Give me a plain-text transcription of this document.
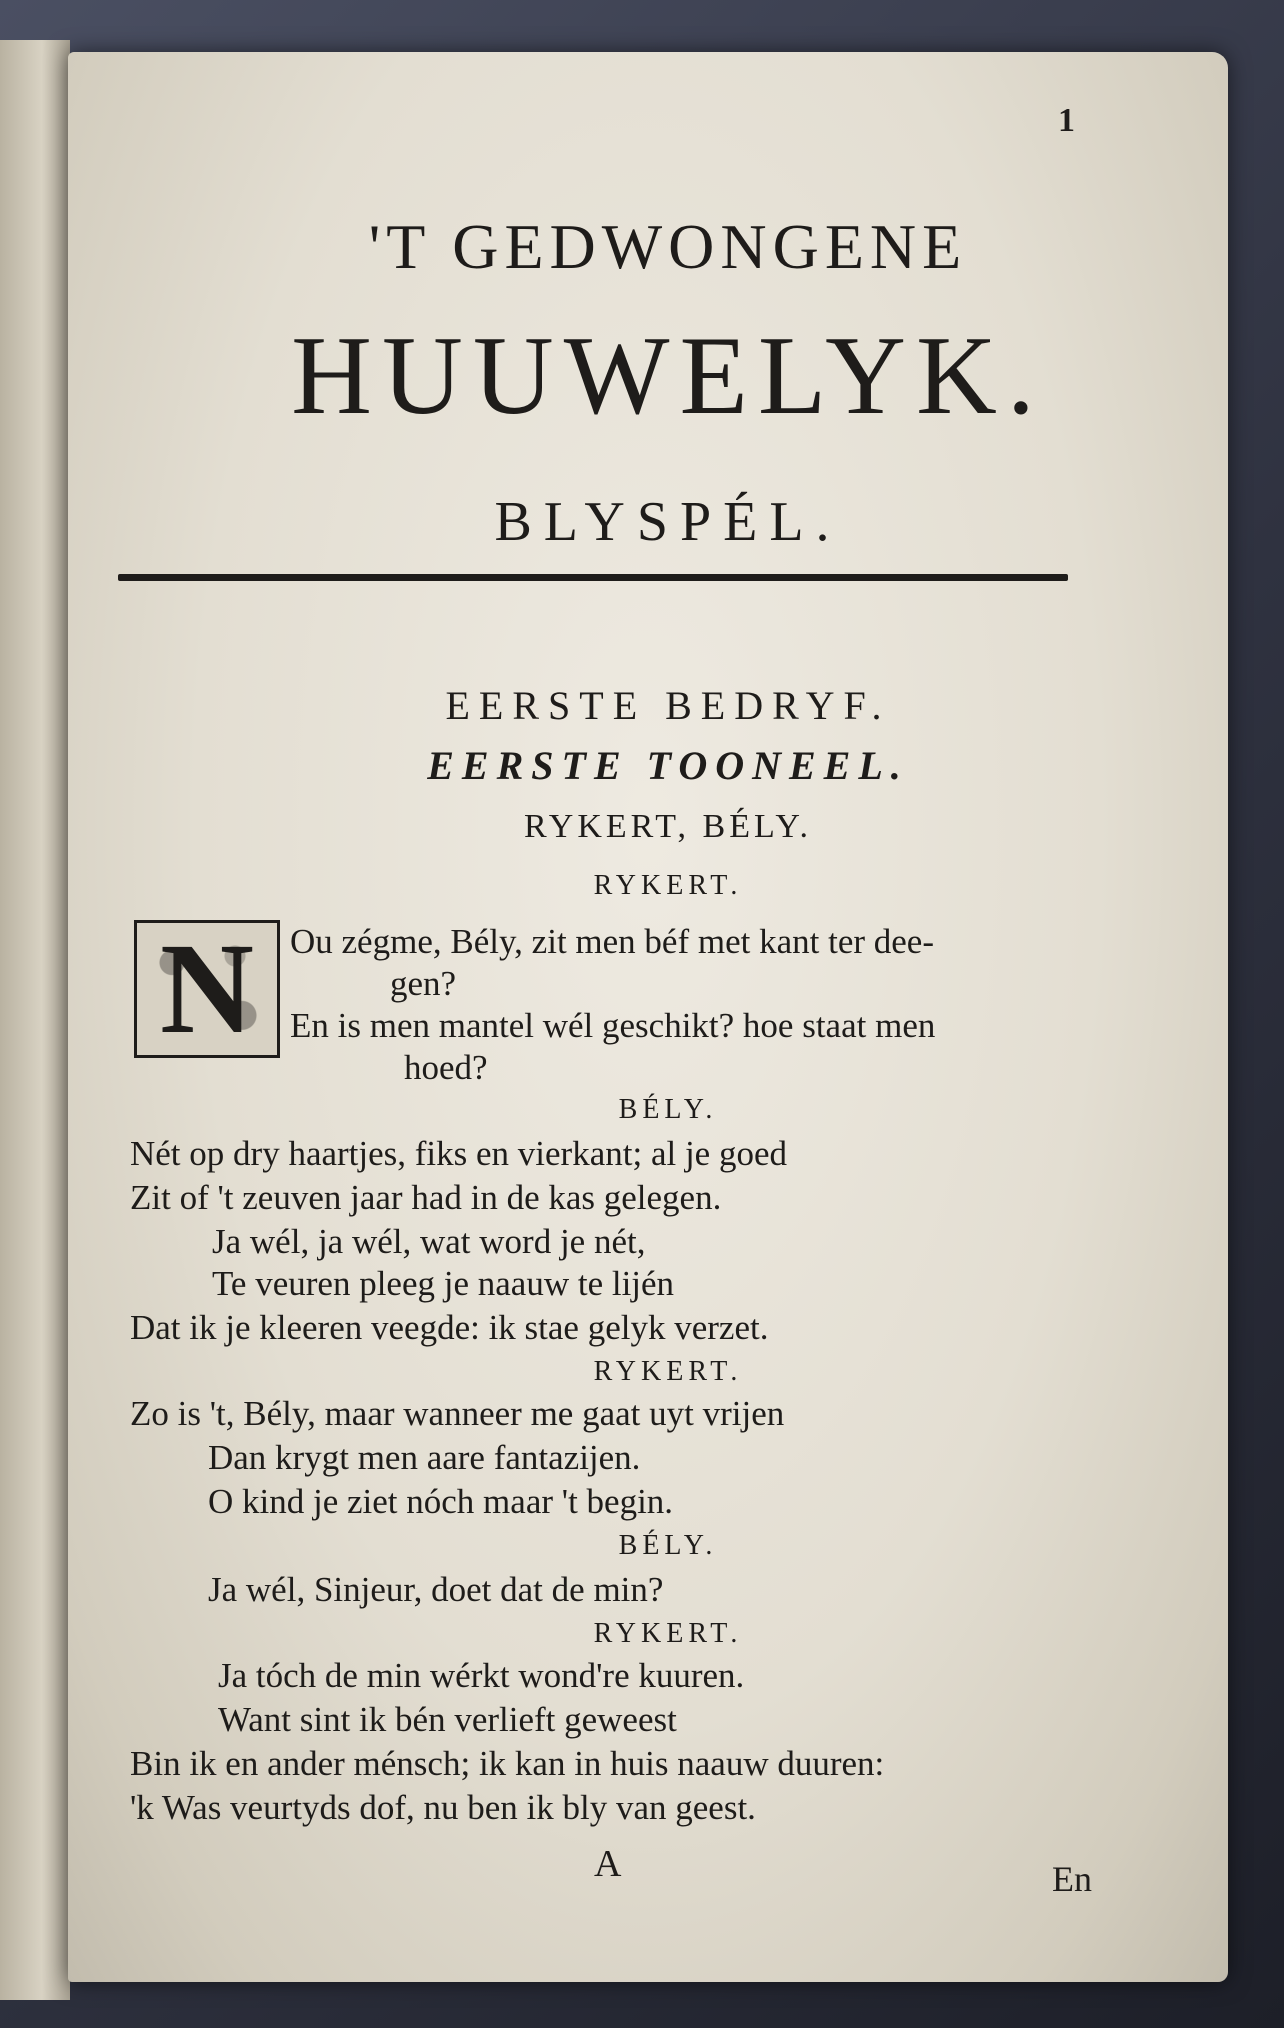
1
'T GEDWONGENE
HUUWELYK.
BLYSPÉL.
EERSTE BEDRYF.
EERSTE TOONEEL.
RYKERT, BÉLY.
RYKERT.
N Ou zégme, Bély, zit men béf met kant ter dee-
gen?
En is men mantel wél geschikt? hoe staat men
hoed?
BÉLY.
Nét op dry haartjes, fiks en vierkant; al je goed
Zit of 't zeuven jaar had in de kas gelegen.
Ja wél, ja wél, wat word je nét,
Te veuren pleeg je naauw te lijén
Dat ik je kleeren veegde: ik stae gelyk verzet.
RYKERT.
Zo is 't, Bély, maar wanneer me gaat uyt vrijen
Dan krygt men aare fantazijen.
O kind je ziet nóch maar 't begin.
BÉLY.
Ja wél, Sinjeur, doet dat de min?
RYKERT.
Ja tóch de min wérkt wond're kuuren.
Want sint ik bén verlieft geweest
Bin ik en ander ménsch; ik kan in huis naauw duuren:
'k Was veurtyds dof, nu ben ik bly van geest.
A	En
